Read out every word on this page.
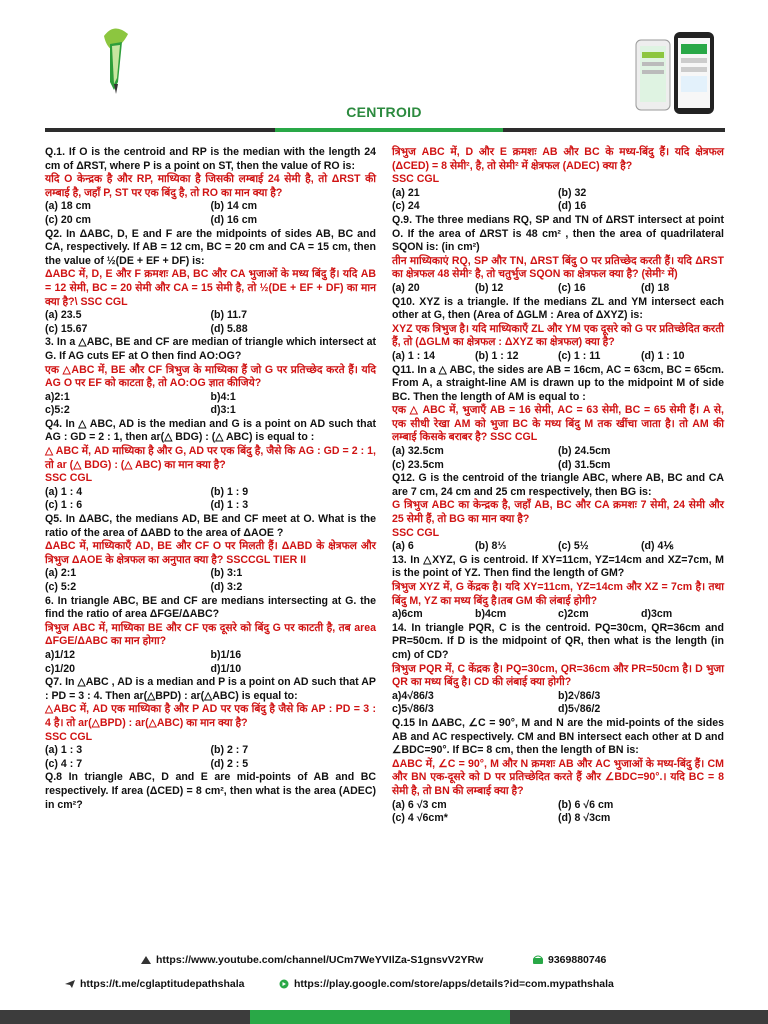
CENTROID

Q.1. If O is the centroid and RP is the median with the length 24 cm of ΔRST, where P is a point on ST, then the value of RO is:

यदि O केन्द्रक है और RP, माध्यिका है जिसकी लम्बाई 24 सेमी है, तो ΔRST की लम्बाई है, जहाँ P, ST पर एक बिंदु है, तो RO का मान क्या है?

(a) 18 cm	(b) 14 cm
(c) 20 cm	(d) 16 cm

Q2. In ΔABC, D, E and F are the midpoints of sides AB, BC and CA, respectively. If AB = 12 cm, BC = 20 cm and CA = 15 cm, then the value of ½(DE + EF + DF) is:

ΔABC में, D, E और F क्रमशः AB, BC और CA भुजाओं के मध्य बिंदु हैं। यदि AB = 12 सेमी, BC = 20 सेमी और CA = 15 सेमी है, तो ½(DE + EF + DF) का मान क्या है?\ SSC CGL

(a) 23.5	(b) 11.7
(c) 15.67	(d) 5.88

3. In a △ABC, BE and CF are median of triangle which intersect at G. If AG cuts EF at O then find AO:OG?

एक △ABC में, BE और CF त्रिभुज के माध्यिका हैं जो G पर प्रतिच्छेद करते हैं। यदि AG O पर EF को काटता है, तो AO:OG ज्ञात कीजिये?

a)2:1	b)4:1
c)5:2	d)3:1

Q4. In △ ABC, AD is the median and G is a point on AD such that AG : GD = 2 : 1, then ar(△ BDG) : (△ ABC) is equal to :

△ ABC में, AD माध्यिका है और G, AD पर एक बिंदु है, जैसे कि AG : GD = 2 : 1, तो ar (△ BDG) : (△ ABC) का मान क्या है?

SSC CGL

(a) 1 : 4	(b) 1 : 9
(c) 1 : 6	(d) 1 : 3

Q5. In ΔABC, the medians AD, BE and CF meet at O. What is the ratio of the area of ΔABD to the area of ΔAOE ?

ΔABC में, माध्यिकाएँ AD, BE और CF O पर मिलती हैं। ΔABD के क्षेत्रफल और त्रिभुज ΔAOE के क्षेत्रफल का अनुपात क्या है? SSCCGL TIER II

(a) 2:1	(b) 3:1
(c) 5:2	(d) 3:2

6. In triangle ABC, BE and CF are medians intersecting at G. the find the ratio of area ΔFGE/ΔABC?

त्रिभुज ABC में, माध्यिका BE और CF एक दूसरे को बिंदु G पर काटती है, तब area ΔFGE/ΔABC का मान होगा?

a)1/12	b)1/16
c)1/20	d)1/10

Q7. In △ABC , AD is a median and P is a point on AD such that AP : PD = 3 : 4. Then ar(△BPD) : ar(△ABC) is equal to:

△ABC में, AD एक माध्यिका है और P AD पर एक बिंदु है जैसे कि AP : PD = 3 : 4 है। तो ar(△BPD) : ar(△ABC) का मान क्या है?

SSC CGL

(a) 1 : 3	(b) 2 : 7
(c) 4 : 7	(d) 2 : 5

Q.8 In triangle ABC, D and E are mid-points of AB and BC respectively. If area (ΔCED) = 8 cm², then what is the area (ADEC) in cm²?

त्रिभुज ABC में, D और E क्रमशः AB और BC के मध्य-बिंदु हैं। यदि क्षेत्रफल (ΔCED) = 8 सेमी², है, तो सेमी² में क्षेत्रफल (ADEC) क्या है?

SSC CGL

(a) 21	(b) 32
(c) 24	(d) 16

Q.9. The three medians RQ, SP and TN of ΔRST intersect at point O. If the area of ΔRST is 48 cm² , then the area of quadrilateral SQON is: (in cm²)

तीन माध्यिकाएं RQ, SP और TN, ΔRST बिंदु O पर प्रतिच्छेद करती हैं। यदि ΔRST का क्षेत्रफल 48 सेमी² है, तो चतुर्भुज SQON का क्षेत्रफल क्या है? (सेमी² में)

(a) 20	(b) 12	(c) 16	(d) 18

Q10. XYZ is a triangle. If the medians ZL and YM intersect each other at G, then (Area of ΔGLM : Area of ΔXYZ) is:

XYZ एक त्रिभुज है। यदि माध्यिकाएँ ZL और YM एक दूसरे को G पर प्रतिच्छेदित करती हैं, तो (ΔGLM का क्षेत्रफल : ΔXYZ का क्षेत्रफल) क्या है?

(a) 1 : 14	(b) 1 : 12	(c) 1 : 11	(d) 1 : 10

Q11. In a △ ABC, the sides are AB = 16cm, AC = 63cm, BC = 65cm. From A, a straight-line AM is drawn up to the midpoint M of side BC. Then the length of AM is equal to :

एक △ ABC में, भुजाएँ AB = 16 सेमी, AC = 63 सेमी, BC = 65 सेमी हैं। A से, एक सीधी रेखा AM को भुजा BC के मध्य बिंदु M तक खींचा जाता है। तो AM की लम्बाई किसके बराबर है? SSC CGL

(a) 32.5cm	(b) 24.5cm
(c) 23.5cm	(d) 31.5cm

Q12. G is the centroid of the triangle ABC, where AB, BC and CA are 7 cm, 24 cm and 25 cm respectively, then BG is:

G त्रिभुज ABC का केन्द्रक है, जहाँ AB, BC और CA क्रमशः 7 सेमी, 24 सेमी और 25 सेमी हैं, तो BG का मान क्या है?

SSC CGL

(a) 6	(b) 8⅓	(c) 5½	(d) 4⅙

13. In △XYZ, G is centroid. If XY=11cm, YZ=14cm and XZ=7cm, M is the point of YZ. Then find the length of GM?

त्रिभुज XYZ में, G केंद्रक है। यदि XY=11cm, YZ=14cm और XZ = 7cm है। तथा बिंदु M, YZ का मध्य बिंदु है।तब GM की लंबाई होगी?

a)6cm	b)4cm	c)2cm	d)3cm

14. In triangle PQR, C is the centroid. PQ=30cm, QR=36cm and PR=50cm. If D is the midpoint of QR, then what is the length (in cm) of CD?

त्रिभुज PQR में, C केंद्रक है। PQ=30cm, QR=36cm और PR=50cm है। D भुजा QR का मध्य बिंदु है। CD की लंबाई क्या होगी?

a)4√86/3	b)2√86/3
c)5√86/3	d)5√86/2

Q.15 In ΔABC, ∠C = 90°, M and N are the mid-points of the sides AB and AC respectively. CM and BN intersect each other at D and ∠BDC=90°. If BC= 8 cm, then the length of BN is:

ΔABC में, ∠C = 90°, M और N क्रमशः AB और AC भुजाओं के मध्य-बिंदु हैं। CM और BN एक-दूसरे को D पर प्रतिच्छेदित करते हैं और ∠BDC=90°.। यदि BC = 8 सेमी है, तो BN की लम्बाई क्या है?

(a) 6 √3 cm	(b) 6 √6 cm
(c) 4 √6cm*	(d) 8 √3cm
https://www.youtube.com/channel/UCm7WeYVIlZa-S1gnsvV2YRw	9369880746
https://t.me/cglaptitudepathshala	https://play.google.com/store/apps/details?id=com.mypathshala
